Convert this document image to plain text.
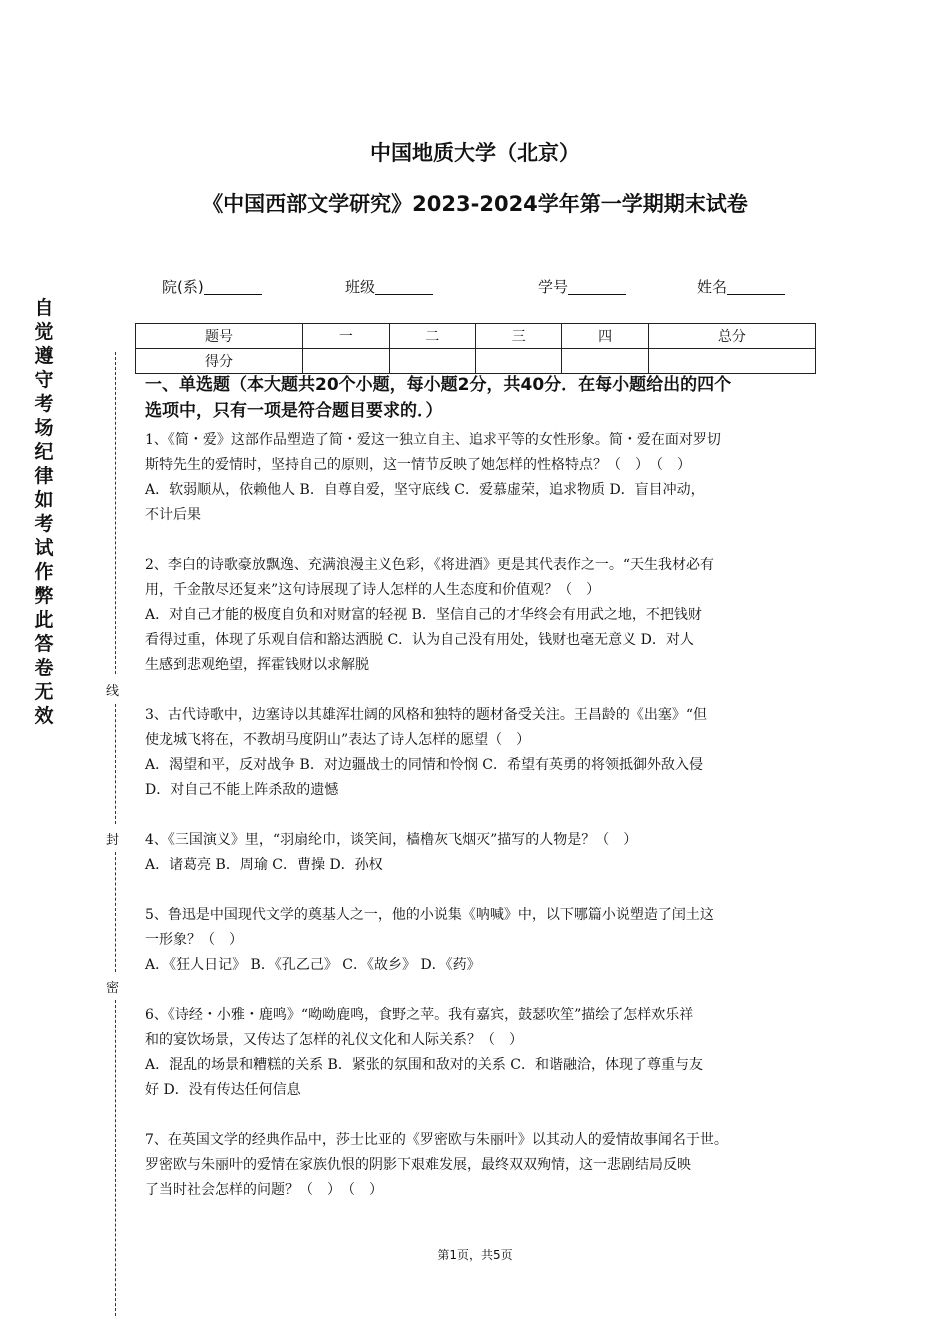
中国地质大学（北京）
《中国西部文学研究》2023-2024学年第一学期期末试卷
院(系)	班级	学号	姓名
题号	一	二	三	四	总分
得分					
自觉遵守考场纪律如考试作弊此答卷无效
线
封
密

一、单选题（本大题共20个小题，每小题2分，共40分．在每小题给出的四个

选项中，只有一项是符合题目要求的．）

1、《简・爱》这部作品塑造了简・爱这一独立自主、追求平等的女性形象。简・爱在面对罗切

斯特先生的爱情时，坚持自己的原则，这一情节反映了她怎样的性格特点？（　）　（　）

A．软弱顺从，依赖他人 B．自尊自爱，坚守底线 C．爱慕虚荣，追求物质 D．盲目冲动，

不计后果

2、李白的诗歌豪放飘逸、充满浪漫主义色彩，《将进酒》更是其代表作之一。“天生我材必有

用，千金散尽还复来”这句诗展现了诗人怎样的人生态度和价值观？（　）

A．对自己才能的极度自负和对财富的轻视 B．坚信自己的才华终会有用武之地，不把钱财

看得过重，体现了乐观自信和豁达洒脱 C．认为自己没有用处，钱财也毫无意义 D．对人

生感到悲观绝望，挥霍钱财以求解脱

3、古代诗歌中，边塞诗以其雄浑壮阔的风格和独特的题材备受关注。王昌龄的《出塞》“但

使龙城飞将在，不教胡马度阴山”表达了诗人怎样的愿望（　）

A．渴望和平，反对战争 B．对边疆战士的同情和怜悯 C．希望有英勇的将领抵御外敌入侵

D．对自己不能上阵杀敌的遗憾

4、《三国演义》里，“羽扇纶巾，谈笑间，樯橹灰飞烟灭”描写的人物是？（　）

A．诸葛亮 B．周瑜 C．曹操 D．孙权

5、鲁迅是中国现代文学的奠基人之一，他的小说集《呐喊》中，以下哪篇小说塑造了闰土这

一形象？（　）

A．《狂人日记》 B．《孔乙己》 C．《故乡》 D．《药》

6、《诗经・小雅・鹿鸣》“呦呦鹿鸣，食野之苹。我有嘉宾，鼓瑟吹笙”描绘了怎样欢乐祥

和的宴饮场景，又传达了怎样的礼仪文化和人际关系？（　）

A．混乱的场景和糟糕的关系 B．紧张的氛围和敌对的关系 C．和谐融洽，体现了尊重与友

好 D．没有传达任何信息

7、在英国文学的经典作品中，莎士比亚的《罗密欧与朱丽叶》以其动人的爱情故事闻名于世。

罗密欧与朱丽叶的爱情在家族仇恨的阴影下艰难发展，最终双双殉情，这一悲剧结局反映

了当时社会怎样的问题？（　）　（　）

第1页，共5页
